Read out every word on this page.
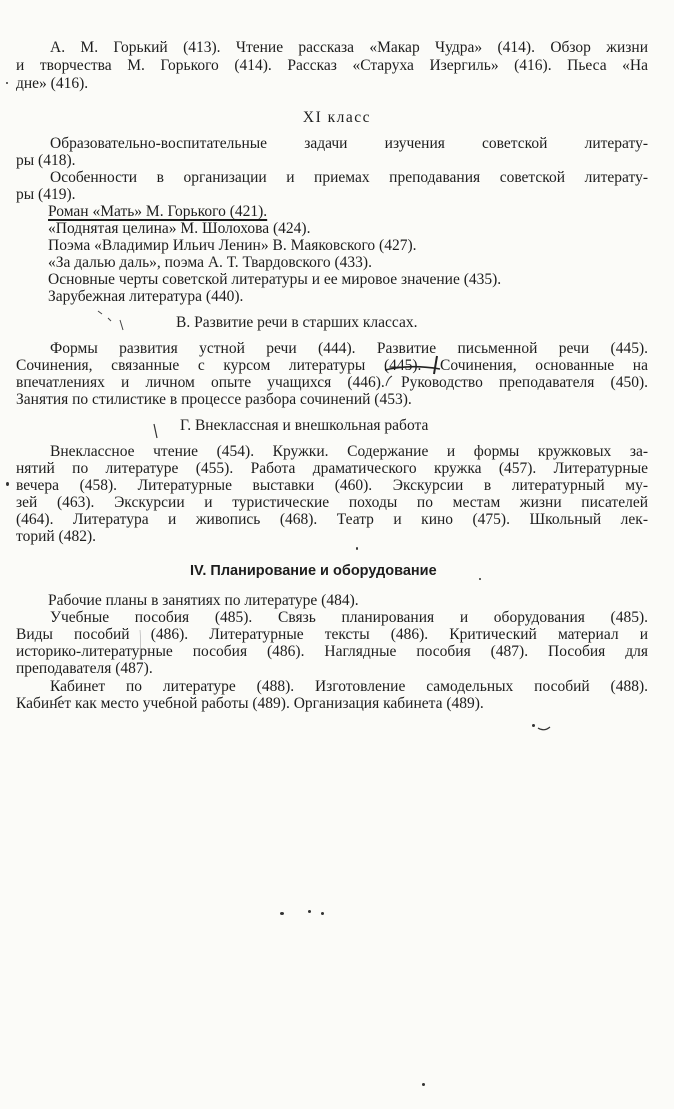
А. М. Горький (413). Чтение рассказа «Макар Чудра» (414). Обзор жизни
и творчества М. Горького (414). Рассказ «Старуха Изергиль» (416). Пьеса «На
дне» (416).
XI класс
Образовательно-воспитательные задачи изучения советской литерату-
ры (418).
Особенности в организации и приемах преподавания советской литерату-
ры (419).
Роман «Мать» М. Горького (421).
«Поднятая целина» М. Шолохова (424).
Поэма «Владимир Ильич Ленин» В. Маяковского (427).
«За далью даль», поэма А. Т. Твардовского (433).
Основные черты советской литературы и ее мировое значение (435).
Зарубежная литература (440).
В. Развитие речи в старших классах.
Формы развития устной речи (444). Развитие письменной речи (445).
Сочинения, связанные с курсом литературы (445). Сочинения, основанные на
впечатлениях и личном опыте учащихся (446). Руководство преподавателя (450).
Занятия по стилистике в процессе разбора сочинений (453).
Г. Внеклассная и внешкольная работа
Внеклассное чтение (454). Кружки. Содержание и формы кружковых за-
нятий по литературе (455). Работа драматического кружка (457). Литературные
вечера (458). Литературные выставки (460). Экскурсии в литературный му-
зей (463). Экскурсии и туристические походы по местам жизни писателей
(464). Литература и живопись (468). Театр и кино (475). Школьный лек-
торий (482).
IV. Планирование и оборудование
Рабочие планы в занятиях по литературе (484).
Учебные пособия (485). Связь планирования и оборудования (485).
Виды пособий (486). Литературные тексты (486). Критический материал и
историко-литературные пособия (486). Наглядные пособия (487). Пособия для
преподавателя (487).
Кабинет по литературе (488). Изготовление самодельных пособий (488).
Кабинет как место учебной работы (489). Организация кабинета (489).
